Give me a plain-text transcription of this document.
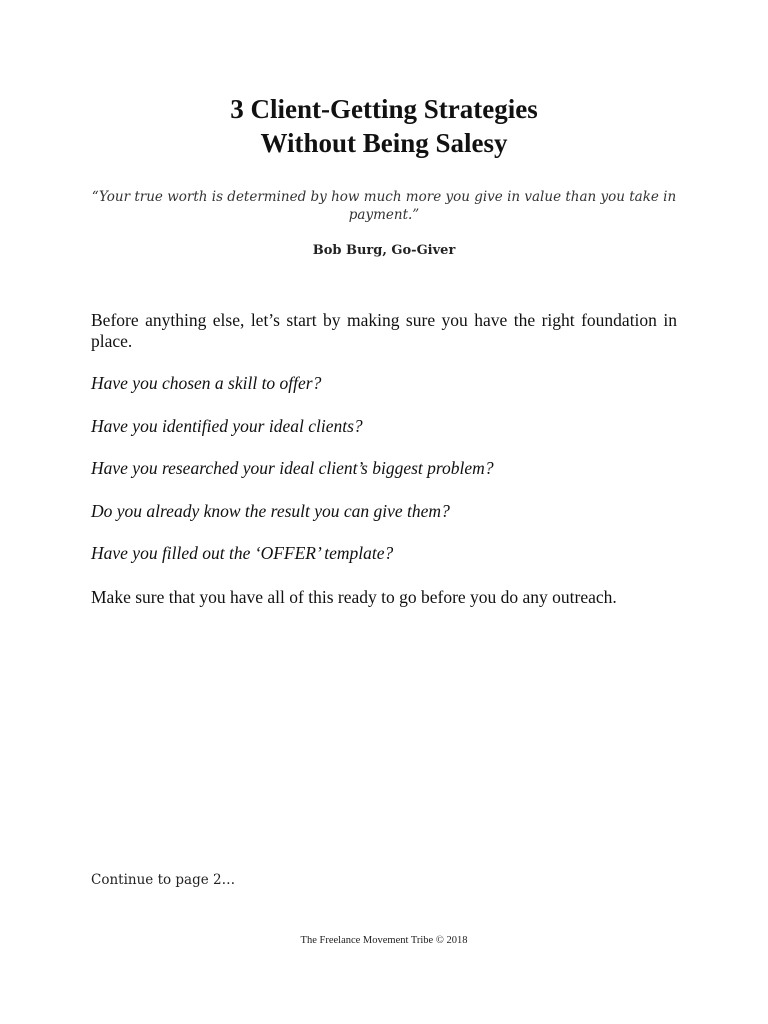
3 Client-Getting Strategies
Without Being Salesy
“Your true worth is determined by how much more you give in value than you take in payment.”
Bob Burg, Go-Giver

Before anything else, let’s start by making sure you have the right foundation in place.

Have you chosen a skill to offer?

Have you identified your ideal clients?

Have you researched your ideal client’s biggest problem?

Do you already know the result you can give them?

Have you filled out the ‘OFFER’ template?

Make sure that you have all of this ready to go before you do any outreach.

Continue to page 2…
The Freelance Movement Tribe © 2018
